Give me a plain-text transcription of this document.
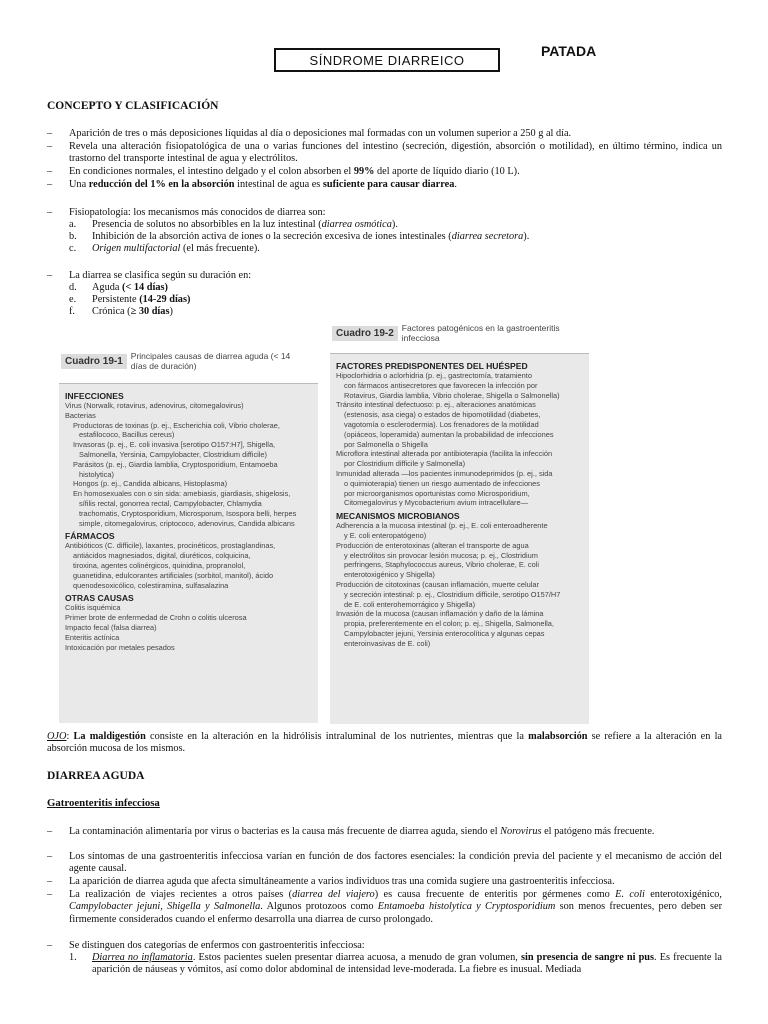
SÍNDROME DIARREICO
PATADA
CONCEPTO Y CLASIFICACIÓN
– Aparición de tres o más deposiciones líquidas al día o deposiciones mal formadas con un volumen superior a 250 g al día.
– Revela una alteración fisiopatológica de una o varias funciones del intestino (secreción, digestión, absorción o motilidad), en último término, indica un trastorno del transporte intestinal de agua y electrólitos.
– En condiciones normales, el intestino delgado y el colon absorben el 99% del aporte de líquido diario (10 L).
– Una reducción del 1% en la absorción intestinal de agua es suficiente para causar diarrea.
– Fisiopatología: los mecanismos más conocidos de diarrea son:
a. Presencia de solutos no absorbibles en la luz intestinal (diarrea osmótica).
b. Inhibición de la absorción activa de iones o la secreción excesiva de iones intestinales (diarrea secretora).
c. Origen multifactorial (el más frecuente).
– La diarrea se clasifica según su duración en:
d. Aguda (< 14 días)
e. Persistente (14-29 días)
f. Crónica (≥ 30 días)
Cuadro 19-1 Principales causas de diarrea aguda (< 14 días de duración)
INFECCIONES
Virus (Norwalk, rotavirus, adenovirus, citomegalovirus)
Bacterias
Productoras de toxinas (p. ej., Escherichia coli, Vibrio cholerae,
estafilococo, Bacillus cereus)
Invasoras (p. ej., E. coli invasiva [serotipo O157:H7], Shigella,
Salmonella, Yersinia, Campylobacter, Clostridium difficile)
Parásitos (p. ej., Giardia lamblia, Cryptosporidium, Entamoeba
histolytica)
Hongos (p. ej., Candida albicans, Histoplasma)
En homosexuales con o sin sida: amebiasis, giardiasis, shigelosis,
sífilis rectal, gonorrea rectal, Campylobacter, Chlamydia
trachomatis, Cryptosporidium, Microsporum, Isospora belli, herpes
simple, citomegalovirus, criptococo, adenovirus, Candida albicans
FÁRMACOS
Antibióticos (C. difficile), laxantes, procinéticos, prostaglandinas,
antiácidos magnesiados, digital, diuréticos, colquicina,
tiroxina, agentes colinérgicos, quinidina, propranolol,
guanetidina, edulcorantes artificiales (sorbitol, manitol), ácido
quenodesoxicólico, colestiramina, sulfasalazina
OTRAS CAUSAS
Colitis isquémica
Primer brote de enfermedad de Crohn o colitis ulcerosa
Impacto fecal (falsa diarrea)
Enteritis actínica
Intoxicación por metales pesados
Cuadro 19-2 Factores patogénicos en la gastroenteritis infecciosa
FACTORES PREDISPONENTES DEL HUÉSPED
Hipoclorhidria o aclorhidria (p. ej., gastrectomía, tratamiento
con fármacos antisecretores que favorecen la infección por
Rotavirus, Giardia lamblia, Vibrio cholerae, Shigella o Salmonella)
Tránsito intestinal defectuoso: p. ej., alteraciones anatómicas
(estenosis, asa ciega) o estados de hipomotilidad (diabetes,
vagotomía o esclerodermia). Los frenadores de la motilidad
(opiáceos, loperamida) aumentan la probabilidad de infecciones
por Salmonella o Shigella
Microflora intestinal alterada por antibioterapia (facilita la infección
por Clostridium difficile y Salmonella)
Inmunidad alterada —los pacientes inmunodeprimidos (p. ej., sida
o quimioterapia) tienen un riesgo aumentado de infecciones
por microorganismos oportunistas como Microsporidium,
Citomegalovirus y Mycobacterium avium intracellulare—
MECANISMOS MICROBIANOS
Adherencia a la mucosa intestinal (p. ej., E. coli enteroadherente
y E. coli enteropatógeno)
Producción de enterotoxinas (alteran el transporte de agua
y electrólitos sin provocar lesión mucosa; p. ej., Clostridium
perfringens, Staphylococcus aureus, Vibrio cholerae, E. coli
enterotoxigénico y Shigella)
Producción de citotoxinas (causan inflamación, muerte celular
y secreción intestinal: p. ej., Clostridium difficile, serotipo O157/H7
de E. coli enterohemorrágico y Shigella)
Invasión de la mucosa (causan inflamación y daño de la lámina
propia, preferentemente en el colon; p. ej., Shigella, Salmonella,
Campylobacter jejuni, Yersinia enterocolítica y algunas cepas
enteroinvasivas de E. coli)
OJO: La maldigestión consiste en la alteración en la hidrólisis intraluminal de los nutrientes, mientras que la malabsorción se refiere a la alteración en la absorción mucosa de los mismos.
DIARREA AGUDA
Gatroenteritis infecciosa
– La contaminación alimentaria por virus o bacterias es la causa más frecuente de diarrea aguda, siendo el Norovirus el patógeno más frecuente.
– Los síntomas de una gastroenteritis infecciosa varían en función de dos factores esenciales: la condición previa del paciente y el mecanismo de acción del agente causal.
– La aparición de diarrea aguda que afecta simultáneamente a varios individuos tras una comida sugiere una gastroenteritis infecciosa.
– La realización de viajes recientes a otros países (diarrea del viajero) es causa frecuente de enteritis por gérmenes como E. coli enterotoxigénico, Campylobacter jejuni, Shigella y Salmonella. Algunos protozoos como Entamoeba histolytica y Cryptosporidium son menos frecuentes, pero deben ser firmemente considerados cuando el enfermo desarrolla una diarrea de curso prolongado.
– Se distinguen dos categorías de enfermos con gastroenteritis infecciosa:
1. Diarrea no inflamatoria. Estos pacientes suelen presentar diarrea acuosa, a menudo de gran volumen, sin presencia de sangre ni pus. Es frecuente la aparición de náuseas y vómitos, así como dolor abdominal de intensidad leve-moderada. La fiebre es inusual. Mediada
